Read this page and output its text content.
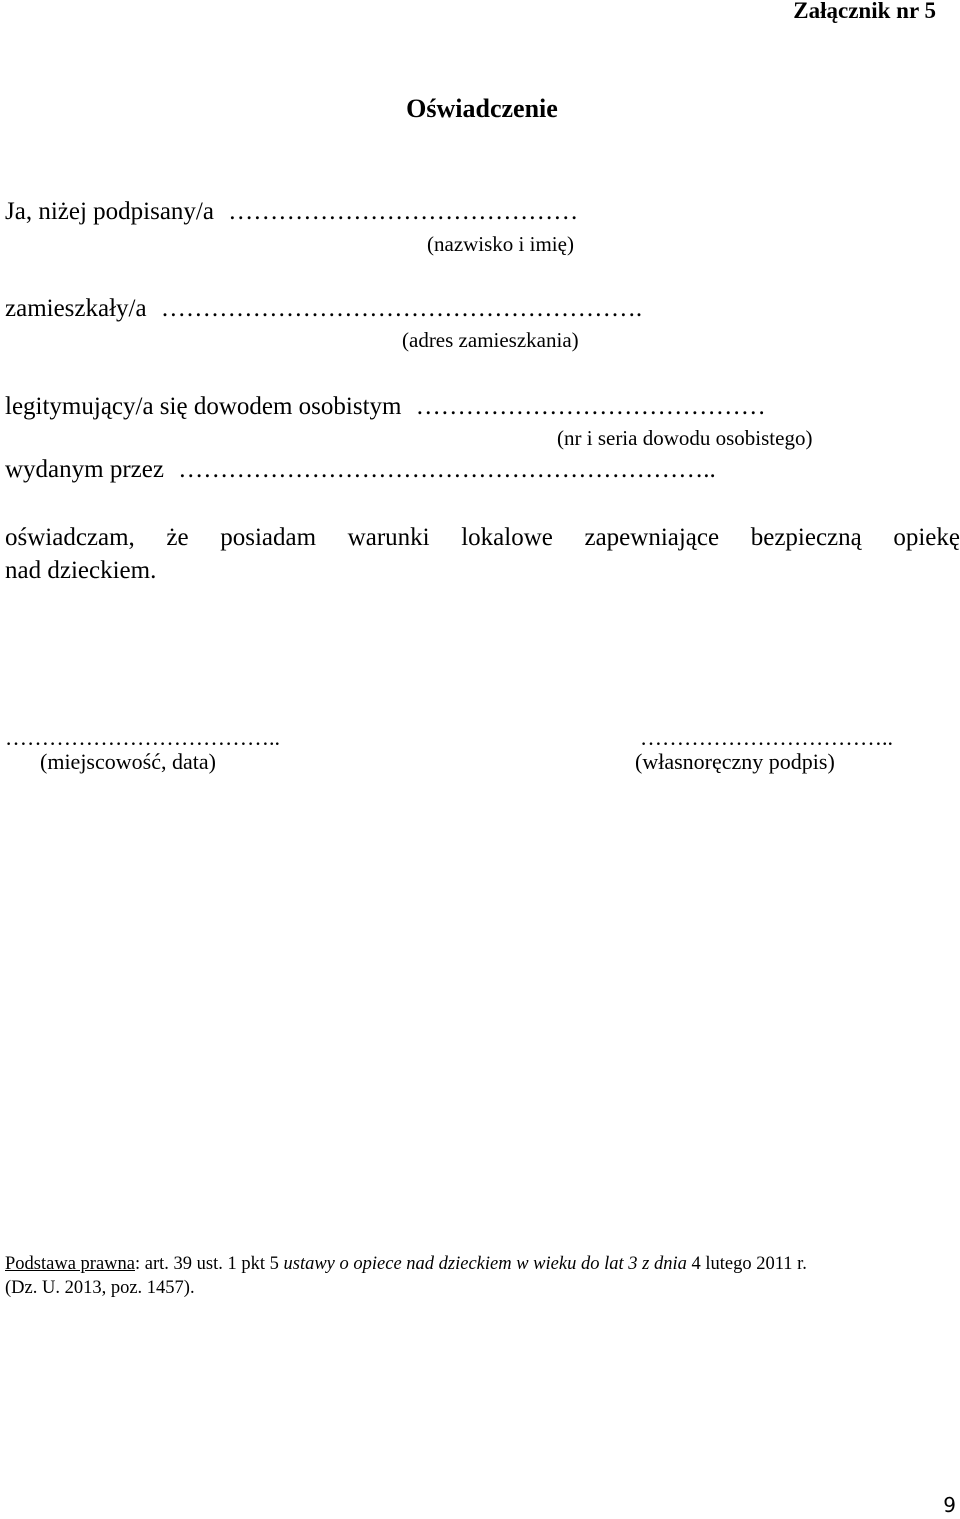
Załącznik nr 5
Oświadczenie
Ja, niżej podpisany/a ……………………………………
(nazwisko i imię)
zamieszkały/a ………………………………………………….
(adres zamieszkania)
legitymujący/a się dowodem osobistym ……………………………………
(nr i seria dowodu osobistego)
wydanym przez ………………………………………………………..
oświadczam, że posiadam warunki lokalowe zapewniające bezpieczną opiekę
nad dzieckiem.
………………………………..
(miejscowość, data)
……………………………..
(własnoręczny podpis)
Podstawa prawna: art. 39 ust. 1 pkt 5 ustawy o opiece nad dzieckiem w wieku do lat 3 z dnia 4 lutego 2011 r.
(Dz. U. 2013, poz. 1457).
9
